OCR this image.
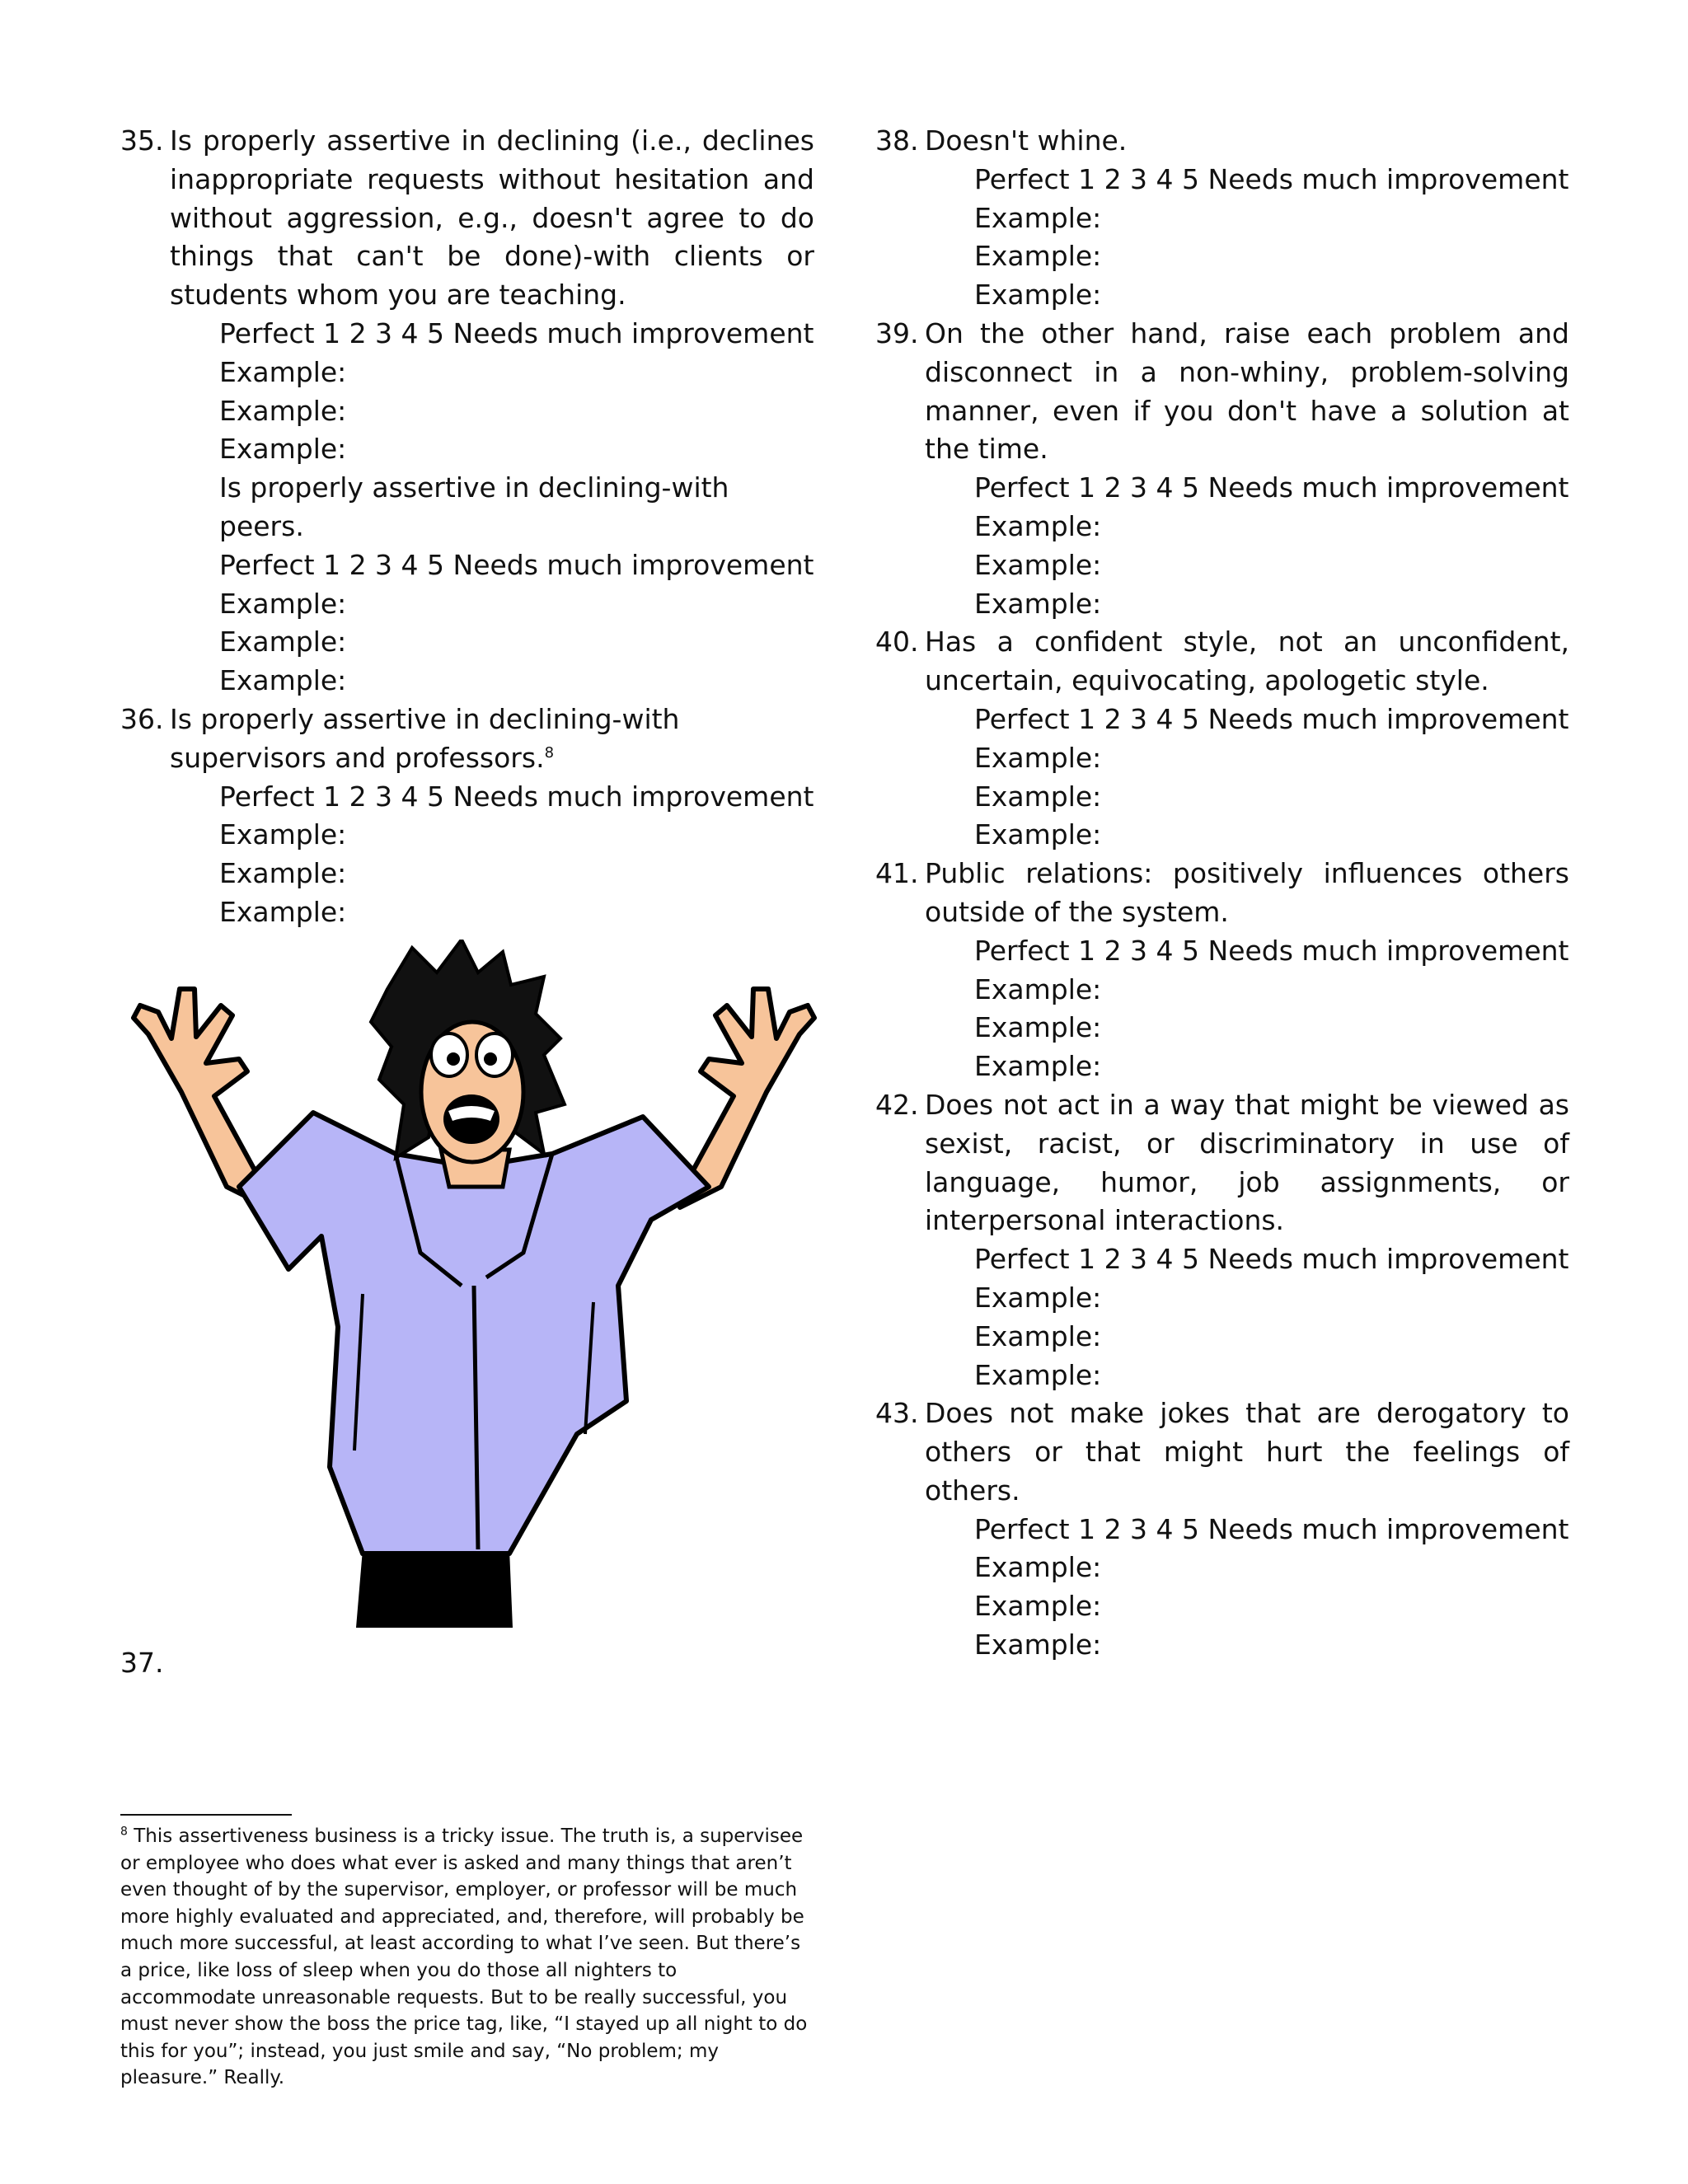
35. Is properly assertive in declining (i.e., declines inappropriate requests without hesitation and without aggression, e.g., doesn't agree to do things that can't be done)-with clients or students whom you are teaching.
Perfect 1 2 3 4 5 Needs much improvement
Example:
Example:
Example:
Is properly assertive in declining-with peers.
Perfect 1 2 3 4 5 Needs much improvement
Example:
Example:
Example:
36. Is properly assertive in declining-with supervisors and professors.$^8$
Perfect 1 2 3 4 5 Needs much improvement
Example:
Example:
Example:
37.
38. Doesn't whine.
Perfect 1 2 3 4 5 Needs much improvement
Example:
Example:
Example:
39. On the other hand, raise each problem and disconnect in a non-whiny, problem-solving manner, even if you don't have a solution at the time.
Perfect 1 2 3 4 5 Needs much improvement
Example:
Example:
Example:
40. Has a confident style, not an unconfident, uncertain, equivocating, apologetic style.
Perfect 1 2 3 4 5 Needs much improvement
Example:
Example:
Example:
41. Public relations: positively influences others outside of the system.
Perfect 1 2 3 4 5 Needs much improvement
Example:
Example:
Example:
42. Does not act in a way that might be viewed as sexist, racist, or discriminatory in use of language, humor, job assignments, or interpersonal interactions.
Perfect 1 2 3 4 5 Needs much improvement
Example:
Example:
Example:
43. Does not make jokes that are derogatory to others or that might hurt the feelings of others.
Perfect 1 2 3 4 5 Needs much improvement
Example:
Example:
Example:
$^8$ This assertiveness business is a tricky issue. The truth is, a supervisee or employee who does what ever is asked and many things that aren’t even thought of by the supervisor, employer, or professor will be much more highly evaluated and appreciated, and, therefore, will probably be much more successful, at least according to what I’ve seen. But there’s a price, like loss of sleep when you do those all nighters to accommodate unreasonable requests. But to be really successful, you must never show the boss the price tag, like, “I stayed up all night to do this for you”; instead, you just smile and say, “No problem; my pleasure.” Really.
